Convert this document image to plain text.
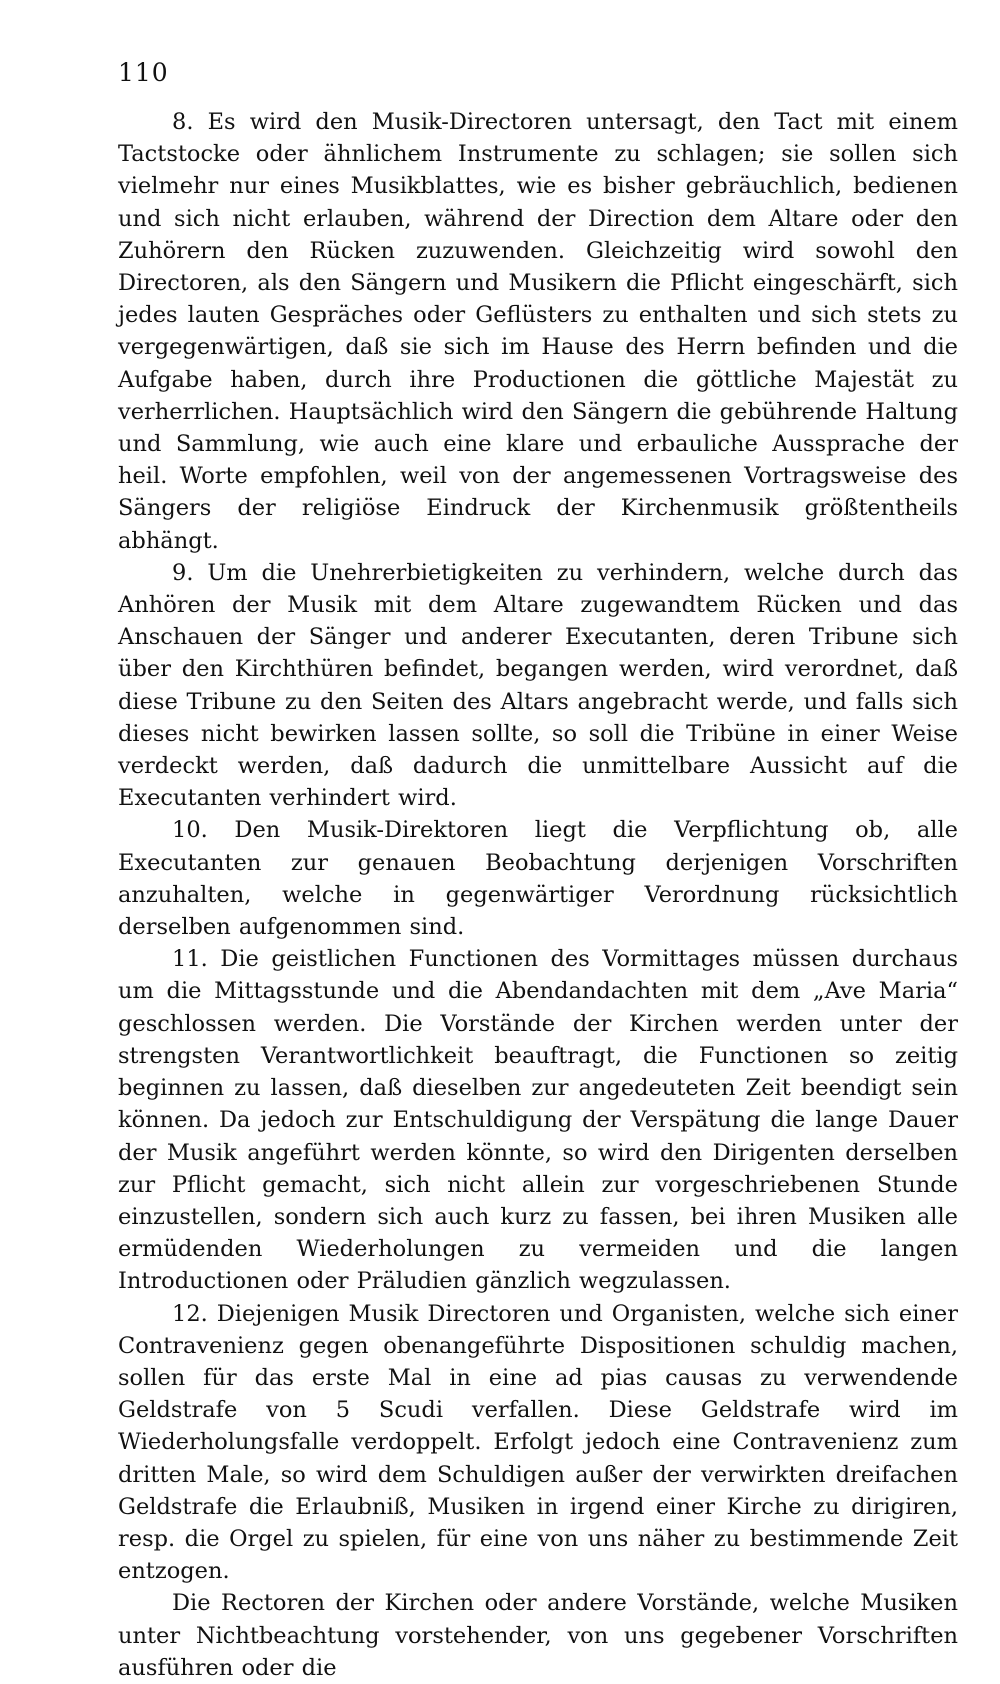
110

8. Es wird den Musik-Directoren untersagt, den Tact mit einem Tactstocke oder ähnlichem Instrumente zu schlagen; sie sollen sich vielmehr nur eines Musikblattes, wie es bisher gebräuchlich, bedienen und sich nicht erlauben, während der Direction dem Altare oder den Zuhörern den Rücken zuzuwenden. Gleichzeitig wird sowohl den Directoren, als den Sängern und Musikern die Pflicht eingeschärft, sich jedes lauten Gespräches oder Geflüsters zu enthalten und sich stets zu vergegenwärtigen, daß sie sich im Hause des Herrn befinden und die Aufgabe haben, durch ihre Productionen die göttliche Majestät zu verherrlichen. Hauptsächlich wird den Sängern die gebührende Haltung und Sammlung, wie auch eine klare und erbauliche Aussprache der heil. Worte empfohlen, weil von der angemessenen Vortragsweise des Sängers der religiöse Eindruck der Kirchenmusik größtentheils abhängt.

9. Um die Unehrerbietigkeiten zu verhindern, welche durch das Anhören der Musik mit dem Altare zugewandtem Rücken und das Anschauen der Sänger und anderer Executanten, deren Tribune sich über den Kirchthüren befindet, begangen werden, wird verordnet, daß diese Tribune zu den Seiten des Altars angebracht werde, und falls sich dieses nicht bewirken lassen sollte, so soll die Tribüne in einer Weise verdeckt werden, daß dadurch die unmittelbare Aussicht auf die Executanten verhindert wird.

10. Den Musik-Direktoren liegt die Verpflichtung ob, alle Executanten zur genauen Beobachtung derjenigen Vorschriften anzuhalten, welche in gegenwärtiger Verordnung rücksichtlich derselben aufgenommen sind.

11. Die geistlichen Functionen des Vormittages müssen durchaus um die Mittagsstunde und die Abendandachten mit dem „Ave Maria“ geschlossen werden. Die Vorstände der Kirchen werden unter der strengsten Verantwortlichkeit beauftragt, die Functionen so zeitig beginnen zu lassen, daß dieselben zur angedeuteten Zeit beendigt sein können. Da jedoch zur Entschuldigung der Verspätung die lange Dauer der Musik angeführt werden könnte, so wird den Dirigenten derselben zur Pflicht gemacht, sich nicht allein zur vorgeschriebenen Stunde einzustellen, sondern sich auch kurz zu fassen, bei ihren Musiken alle ermüdenden Wiederholungen zu vermeiden und die langen Introductionen oder Präludien gänzlich wegzulassen.

12. Diejenigen Musik Directoren und Organisten, welche sich einer Contravenienz gegen obenangeführte Dispositionen schuldig machen, sollen für das erste Mal in eine ad pias causas zu verwendende Geldstrafe von 5 Scudi verfallen. Diese Geldstrafe wird im Wiederholungsfalle verdoppelt. Erfolgt jedoch eine Contravenienz zum dritten Male, so wird dem Schuldigen außer der verwirkten dreifachen Geldstrafe die Erlaubniß, Musiken in irgend einer Kirche zu dirigiren, resp. die Orgel zu spielen, für eine von uns näher zu bestimmende Zeit entzogen.

Die Rectoren der Kirchen oder andere Vorstände, welche Musiken unter Nichtbeachtung vorstehender, von uns gegebener Vorschriften ausführen oder die
